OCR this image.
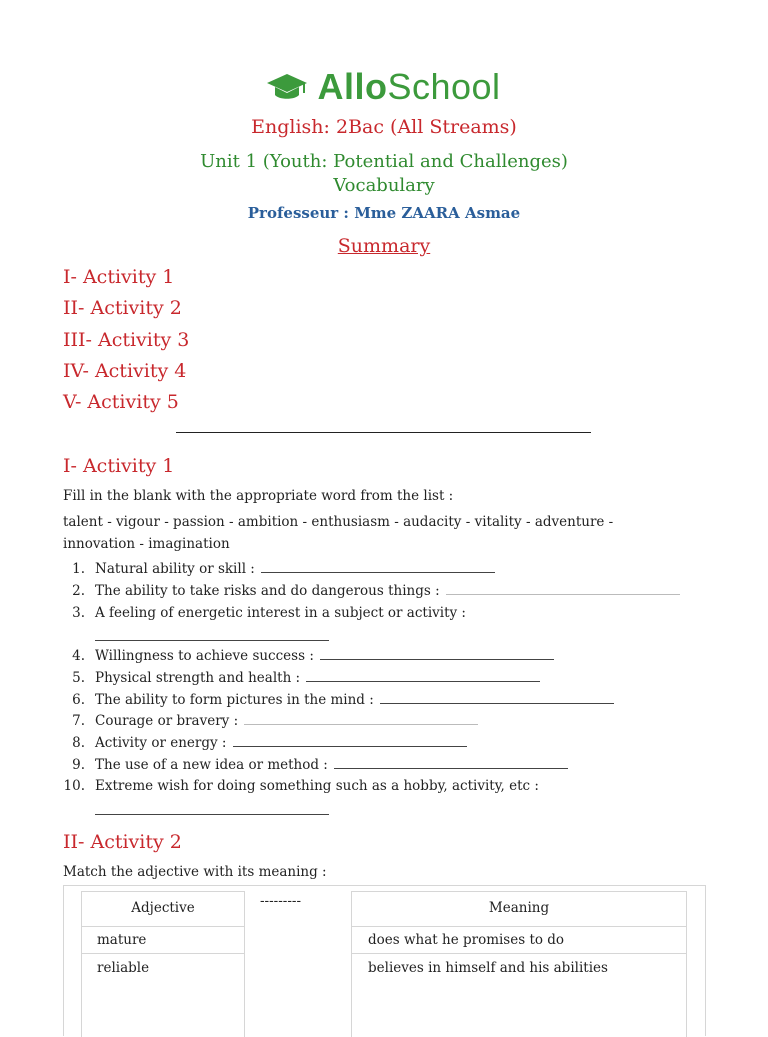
AlloSchool
English: 2Bac (All Streams)
Unit 1 (Youth: Potential and Challenges)
Vocabulary
Professeur : Mme ZAARA Asmae
Summary
I- Activity 1
II- Activity 2
III- Activity 3
IV- Activity 4
V- Activity 5
I- Activity 1
Fill in the blank with the appropriate word from the list :
talent - vigour - passion - ambition - enthusiasm - audacity - vitality - adventure -
innovation - imagination
1. Natural ability or skill :
2. The ability to take risks and do dangerous things :
3. A feeling of energetic interest in a subject or activity :
4. Willingness to achieve success :
5. Physical strength and health :
6. The ability to form pictures in the mind :
7. Courage or bravery :
8. Activity or energy :
9. The use of a new idea or method :
10. Extreme wish for doing something such as a hobby, activity, etc :
II- Activity 2
Match the adjective with its meaning :
Adjective	---------	Meaning
mature
reliable
does what he promises to do
believes in himself and his abilities
